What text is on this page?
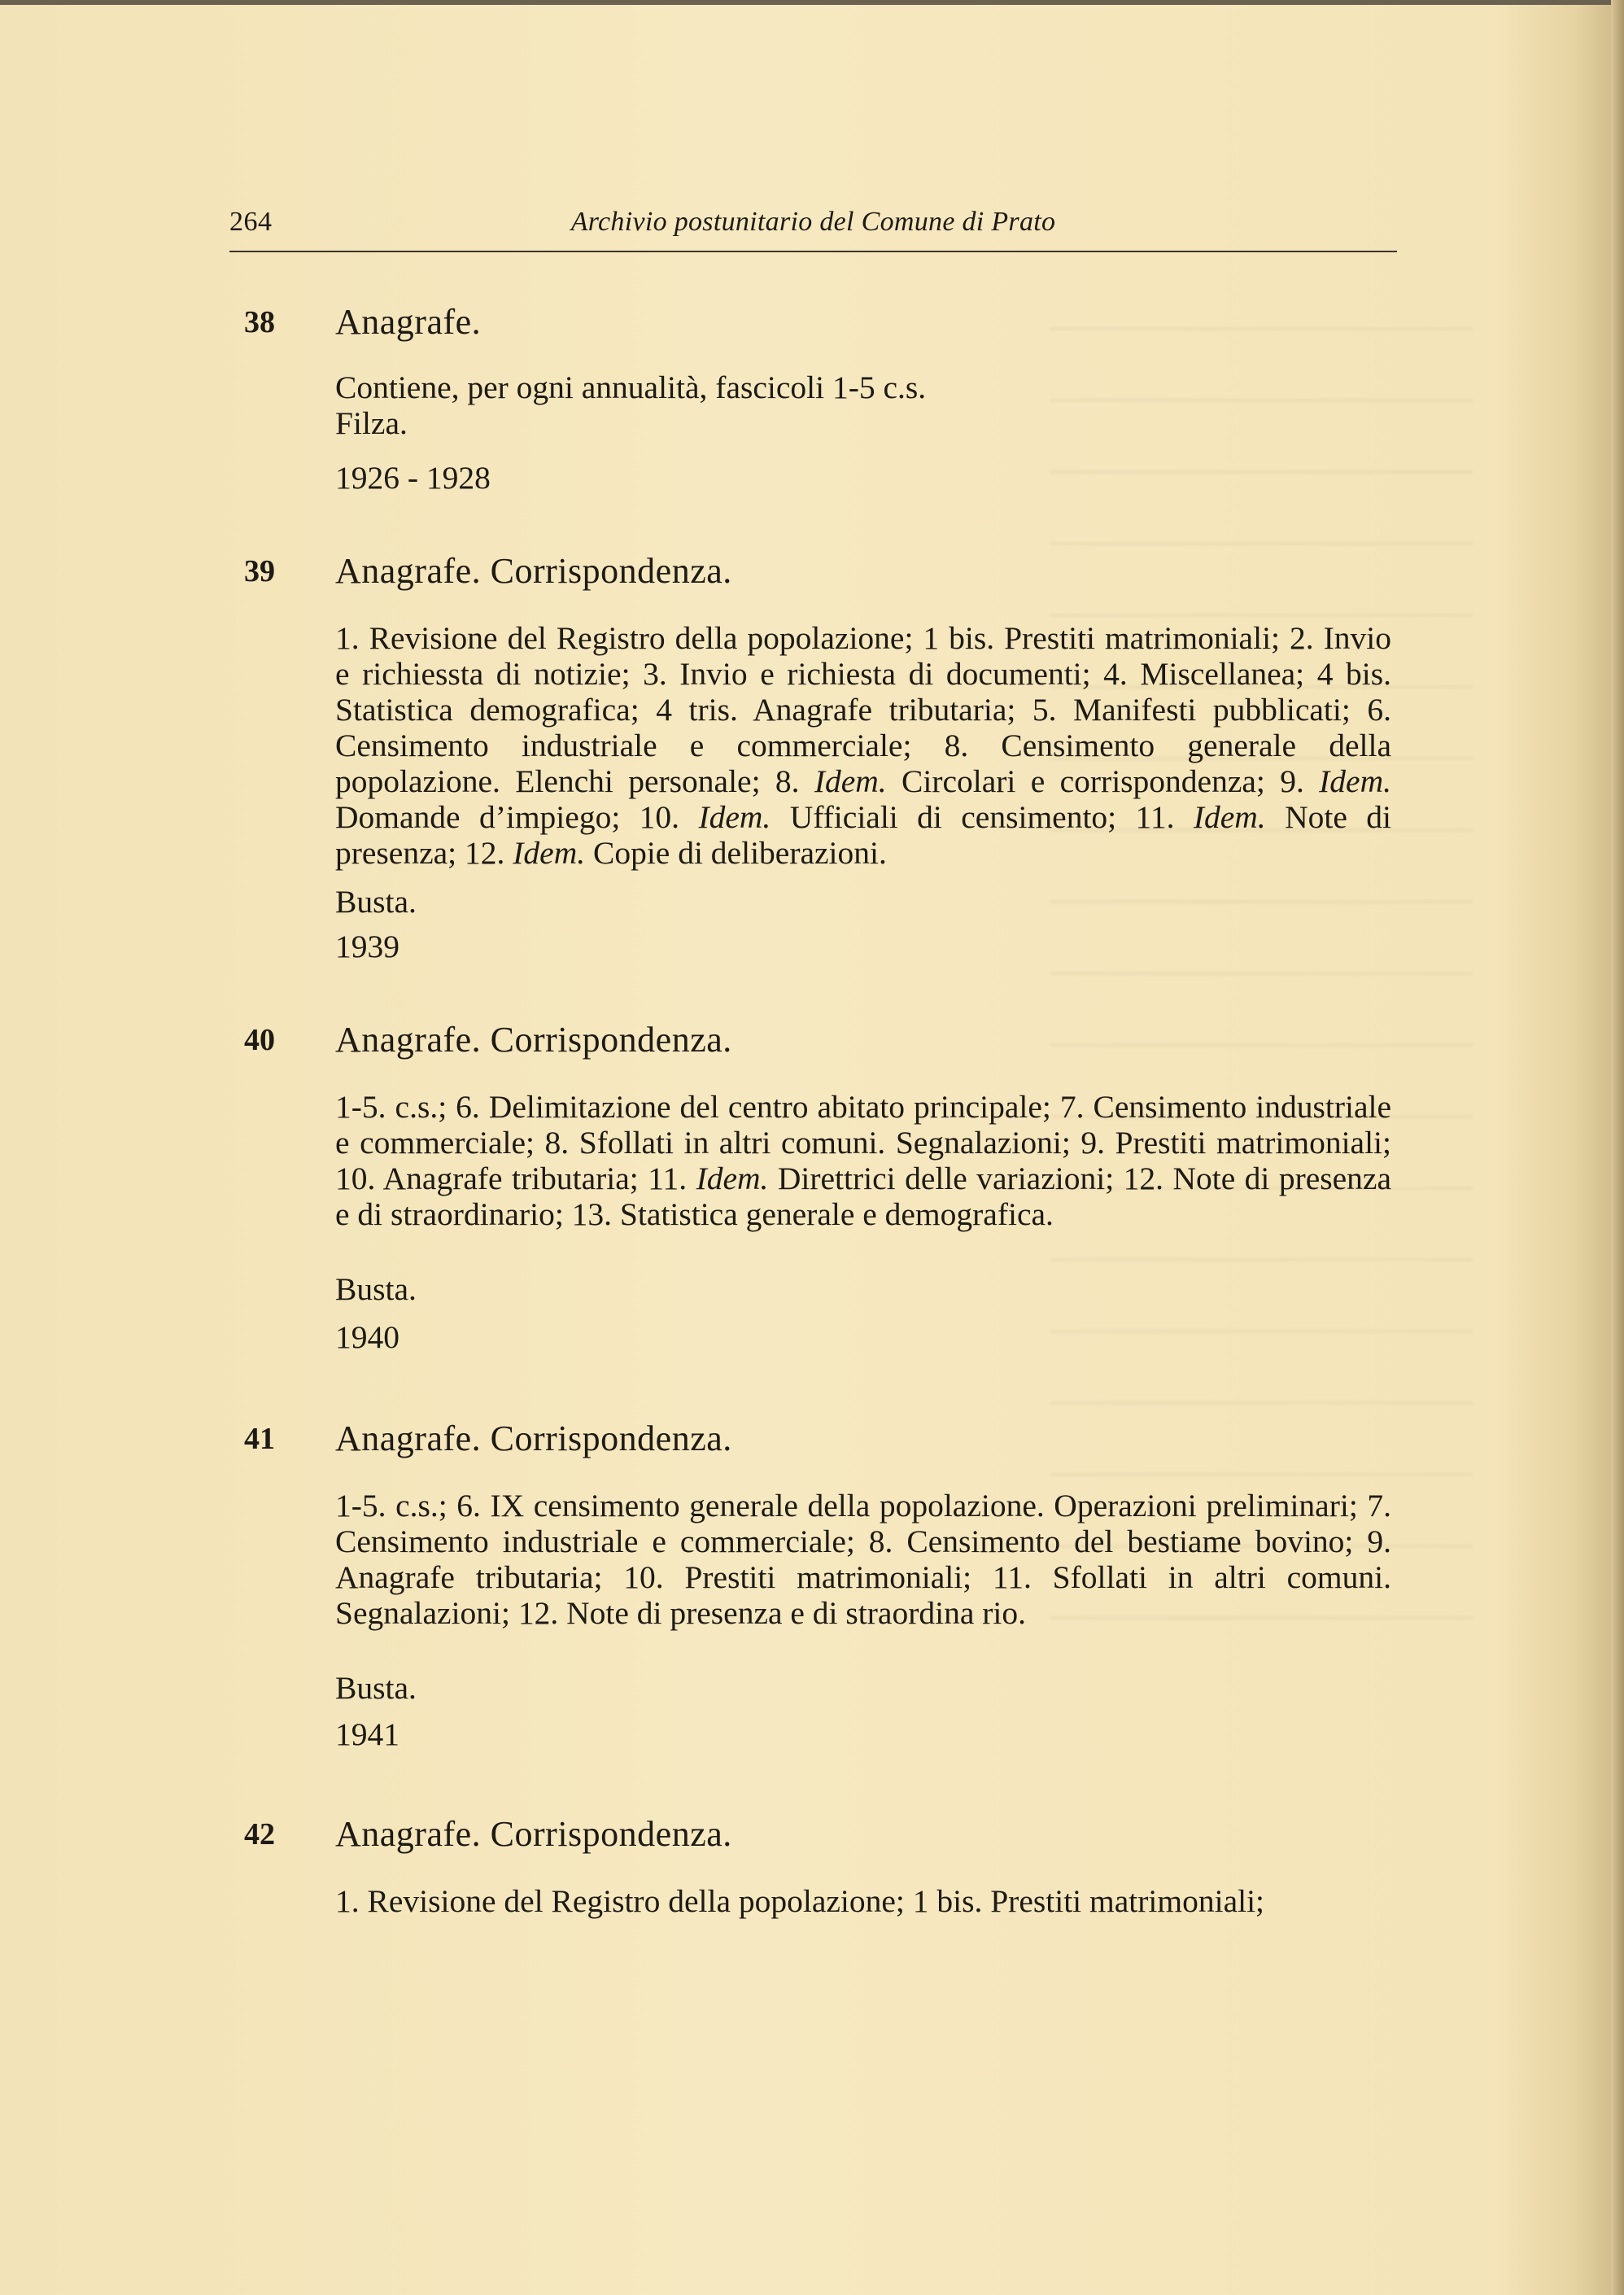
264	Archivio postunitario del Comune di Prato
38	Anagrafe.
Contiene, per ogni annualità, fascicoli 1-5 c.s.
Filza.
1926 - 1928
39	Anagrafe. Corrispondenza.
1. Revisione del Registro della popolazione; 1 bis. Prestiti matrimoniali; 2. Invio e richiessta di notizie; 3. Invio e richiesta di documenti; 4. Miscellanea; 4 bis. Statistica demografica; 4 tris. Anagrafe tributaria; 5. Manifesti pubblicati; 6. Censimento industriale e commerciale; 8. Censimento generale della popolazione. Elenchi personale; 8. Idem. Circolari e corrispondenza; 9. Idem. Domande d’impiego; 10. Idem. Ufficiali di censimento; 11. Idem. Note di presenza; 12. Idem. Copie di deliberazioni.
Busta.
1939
40	Anagrafe. Corrispondenza.
1-5. c.s.; 6. Delimitazione del centro abitato principale; 7. Censimento industriale e commerciale; 8. Sfollati in altri comuni. Segnalazioni; 9. Prestiti matrimoniali; 10. Anagrafe tributaria; 11. Idem. Direttrici delle variazioni; 12. Note di presenza e di straordinario; 13. Statistica generale e demografica.
Busta.
1940
41	Anagrafe. Corrispondenza.
1-5. c.s.; 6. IX censimento generale della popolazione. Operazioni preliminari; 7. Censimento industriale e commerciale; 8. Censimento del bestiame bovino; 9. Anagrafe tributaria; 10. Prestiti matrimoniali; 11. Sfollati in altri comuni. Segnalazioni; 12. Note di presenza e di straordina rio.
Busta.
1941
42	Anagrafe. Corrispondenza.
1. Revisione del Registro della popolazione; 1 bis. Prestiti matrimoniali;
